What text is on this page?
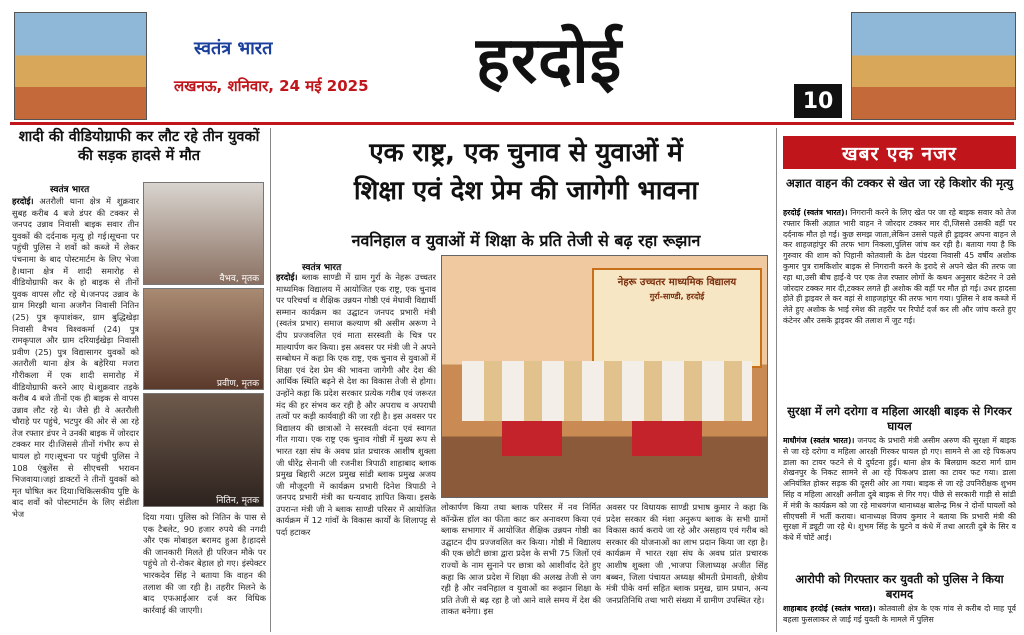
स्वतंत्र भारत
लखनऊ, शनिवार, 24 मई 2025 हरदोई
10
शादी की वीडियोग्राफी कर लौट रहे तीन युवकों की सड़क हादसे में मौत
स्वतंत्र भारत
हरदोई। अतरौली थाना क्षेत्र में शुक्रवार सुबह करीब 4 बजे डंपर की टक्कर से जनपद उन्नाव निवासी बाइक सवार तीन युवकों की दर्दनाक मृत्यु हो गई।सूचना पर पहुंची पुलिस ने शवों को कब्जे में लेकर पंचनामा के बाद पोस्टमार्टम के लिए भेजा है।थाना क्षेत्र में शादी समारोह से वीडियोग्राफी कर के हो बाइक से तीनों युवक वापस लौट रहे थे।जनपद उन्नाव के ग्राम मिरझी थाना अजगैन निवासी नितिन (25) पुत्र कृपाशंकर, ग्राम बुद्धिखेड़ा निवासी वैभव विश्वकर्मा (24) पुत्र रामकृपाल और ग्राम दरियाईखेड़ा निवासी प्रवीण (25) पुत्र विद्यासागर युवकों को अतरौली थाना क्षेत्र के बहेरिया मजरा गौरीकला में एक शादी समारोह में वीडियोग्राफी करने आए थे।शुक्रवार तड़के करीब 4 बजे तीनों एक ही बाइक से वापस उन्नाव लौट रहे थे। जैसे ही वे अतरौली चौराहे पर पहुंचे, भटपुर की ओर से आ रहे तेज रफ्तार डंपर ने उनकी बाइक में जोरदार टक्कर मार दी।जिससे तीनों गंभीर रूप से घायल हो गए।सूचना पर पहुंची पुलिस ने 108 एंबुलेंस से सीएचसी भरावन भिजवाया।जहां डाक्टरों ने तीनों युवकों को मृत घोषित कर दिया।चिकित्सकीय पुष्टि के बाद शवों को पोस्टमार्टम के लिए संडीला भेज
वैभव, मृतक
प्रवीण, मृतक
नितिन, मृतक
दिया गया। पुलिस को नितिन के पास से एक टैबलेट, 90 हजार रुपये की नगदी और एक मोबाइल बरामद हुआ है।हादसे की जानकारी मिलते ही परिजन मौके पर पहुंचे तो रो-रोकर बेहाल हो गए। इंस्पेक्टर भारकदेव सिंह ने बताया कि वाहन की तलाश की जा रही है। तहरीर मिलने के बाद एफआईआर दर्ज कर विधिक कार्रवाई की जाएगी।
एक राष्ट्र, एक चुनाव से युवाओं में
शिक्षा एवं देश प्रेम की जागेगी भावना
नवनिहाल व युवाओं में शिक्षा के प्रति तेजी से बढ़ रहा रूझान
स्वतंत्र भारत
हरदोई। ब्लाक साण्डी में ग्राम गुर्रा के नेहरू उच्चतर माध्यमिक विद्यालय में आयोजित एक राष्ट्र, एक चुनाव पर परिचर्चा व शैक्षिक उन्नयन गोष्ठी एवं मेधावी विद्यार्थी सम्मान कार्यक्रम का उद्घाटन जनपद प्रभारी मंत्री (स्वतंत्र प्रभार) समाज कल्याण श्री असीम अरूण ने दीप प्रज्जवलित एवं माता सरस्वती के चित्र पर माल्यार्पण कर किया। इस अवसर पर मंत्री जी ने अपने सम्बोधन में कहा कि एक राष्ट्र, एक चुनाव से युवाओं में शिक्षा एवं देश प्रेम की भावना जागेगी और देश की आर्थिक स्थिति बढ़ने से देश का विकास तेजी से होगा। उन्होंने कहा कि प्रदेश सरकार प्रत्येक गरीब एवं जरूरत मंद की हर संभव कर रही है और अपराध व अपराधी तत्वों पर कड़ी कार्यवाही की जा रही है। इस अवसर पर विद्यालय की छात्राओं ने सरस्वती वंदना एवं स्वागत गीत गाया। एक राष्ट्र एक चुनाव गोष्ठी में मुख्य रूप से भारत रक्षा संघ के अवध प्रांत प्रचारक आशीष शुक्ला जी धीरेंद्र सेनानी जी रजनीश त्रिपाठी शाहाबाद ब्लाक प्रमुख बिहारी अटल प्रमुख सांडी ब्लाक प्रमुख अजय जी मौजूदगी में कार्यक्रम प्रभारी दिनेश त्रिपाठी ने जनपद प्रभारी मंत्री का धन्यवाद ज्ञापित किया। इसके उपरान्त मंत्री जी ने ब्लाक साण्डी परिसर में आयोजित कार्यक्रम में 12 गांवों के विकास कार्यों के शिलापट्ट से पर्दा हटाकर
नेहरू उच्चतर माध्यमिक विद्यालय
गुर्रा-साण्डी, हरदोई
लोकार्पण किया तथा ब्लाक परिसर में नव निर्मित कॉन्फ्रेंस हॉल का फीता काट कर अनावरण किया एवं ब्लाक सभागार में आयोजित शैक्षिक उन्नयन गोष्ठी का उद्घाटन दीप प्रज्जवलित कर किया। गोष्ठी में विद्यालय की एक छोटी छात्रा द्वारा प्रदेश के सभी 75 जिलों एवं राज्यों के नाम सुनाने पर छात्रा को आशीर्वाद देते हुए कहा कि आज प्रदेश में शिक्षा की अलख तेजी से जग रही है और नवनिहाल व युवाओं का रूझान शिक्षा के प्रति तेजी से बढ़ रहा है जो आने वाले समय में देश की ताकत बनेगा। इस
अवसर पर विधायक साण्डी प्रभाष कुमार ने कहा कि प्रदेश सरकार की मंशा अनुरूप ब्लाक के सभी ग्रामों विकास कार्य कराये जा रहे और असहाय एवं गरीब को सरकार की योजनाओं का लाभ प्रदान किया जा रहा है। कार्यक्रम में भारत रक्षा संघ के अवध प्रांत प्रचारक आशीष शुक्ला जी ,भाजपा जिलाध्यक्ष अजीत सिंह बब्बन, जिला पंचायत अध्यक्ष श्रीमती प्रेमावती, क्षेत्रीय मंत्री पीके वर्मा सहित ब्लाक प्रमुख, ग्राम प्रधान, अन्य जनप्रतिनिधि तथा भारी संख्या में ग्रामीण उपस्थित रहे।
खबर एक नजर
अज्ञात वाहन की टक्कर से खेत जा रहे किशोर की मृत्यु
हरदोई (स्वतंत्र भारत)। निगरानी करने के लिए खेत पर जा रहे बाइक सवार को तेज रफ्तार किसी अज्ञात भारी वाहन ने जोरदार टक्कर मार दी,जिससे उसकी वहीं पर दर्दनाक मौत हो गई। कुछ समझ जाता,लेकिन उससे पहले ही ड्राइवर अपना वाहन ले कर शाहजहांपुर की तरफ भाग निकला,पुलिस जांच कर रही है। बताया गया है कि गुरुवार की शाम को पिहानी कोतवाली के ढेल पंडरवा निवासी 45 वर्षीय अशोक कुमार पुत्र रामकिशोर बाइक से निगरानी करने के इरादे से अपने खेत की तरफ जा रहा था,उसी बीच हाई-वे पर एक तेज रफ्तार लोगों के कथन अनुसार कंटेनर ने उसे जोरदार टक्कर मार दी,टक्कर लगते ही अशोक की वहीं पर मौत हो गई। उधर हादसा होते ही ड्राइवर ले कर वहां से शाहजहांपुर की तरफ भाग गया। पुलिस ने शव कब्जे में लेते हुए अशोक के भाई रमेश की तहरीर पर रिपोर्ट दर्ज कर ली और जांच करते हुए कंटेनर और उसके ड्राइवर की तलाश में जुट गई।
सुरक्षा में लगे दरोगा व महिला आरक्षी बाइक से गिरकर घायल
माधौगंज (स्वतंत्र भारत)। जनपद के प्रभारी मंत्री असीम अरुण की सुरक्षा में बाइक से जा रहे दरोगा व महिला आरक्षी गिरकर घायल हो गए। सामने से आ रहे पिकअप डाला का टायर फटने से ये दुर्घटना हुई। थाना क्षेत्र के बिलग्राम कटरा मार्ग ग्राम शेखनपुर के निकट सामने से आ रहे पिकअप डाला का टायर फट गया। डाला अनियंत्रित होकर सड़क की दूसरी ओर आ गया। बाइक से जा रहे उपनिरीक्षक शुभम सिंह व महिला आरक्षी अनीता दुबे बाइक से गिर गए। पीछे से सरकारी गाड़ी से सांडी में मंत्री के कार्यक्रम को जा रहे माधवगंज थानाध्यक्ष बालेन्द्र मिश्र ने दोनों घायलों को सीएचसी में भर्ती कराया। थानाध्यक्ष विजय कुमार ने बताया कि प्रभारी मंत्री की सुरक्षा में ड्यूटी जा रहे थे। शुभम सिंह के घुटने व कंधे में तथा आरती दुबे के सिर व कंधे में चोटें आई।
आरोपी को गिरफ्तार कर युवती को पुलिस ने किया बरामद
शाहाबाद हरदोई (स्वतंत्र भारत)। कोतवाली क्षेत्र के एक गांव से करीब दो माह पूर्व बहला फुसलाकर ले जाई गई युवती के मामले में पुलिस
